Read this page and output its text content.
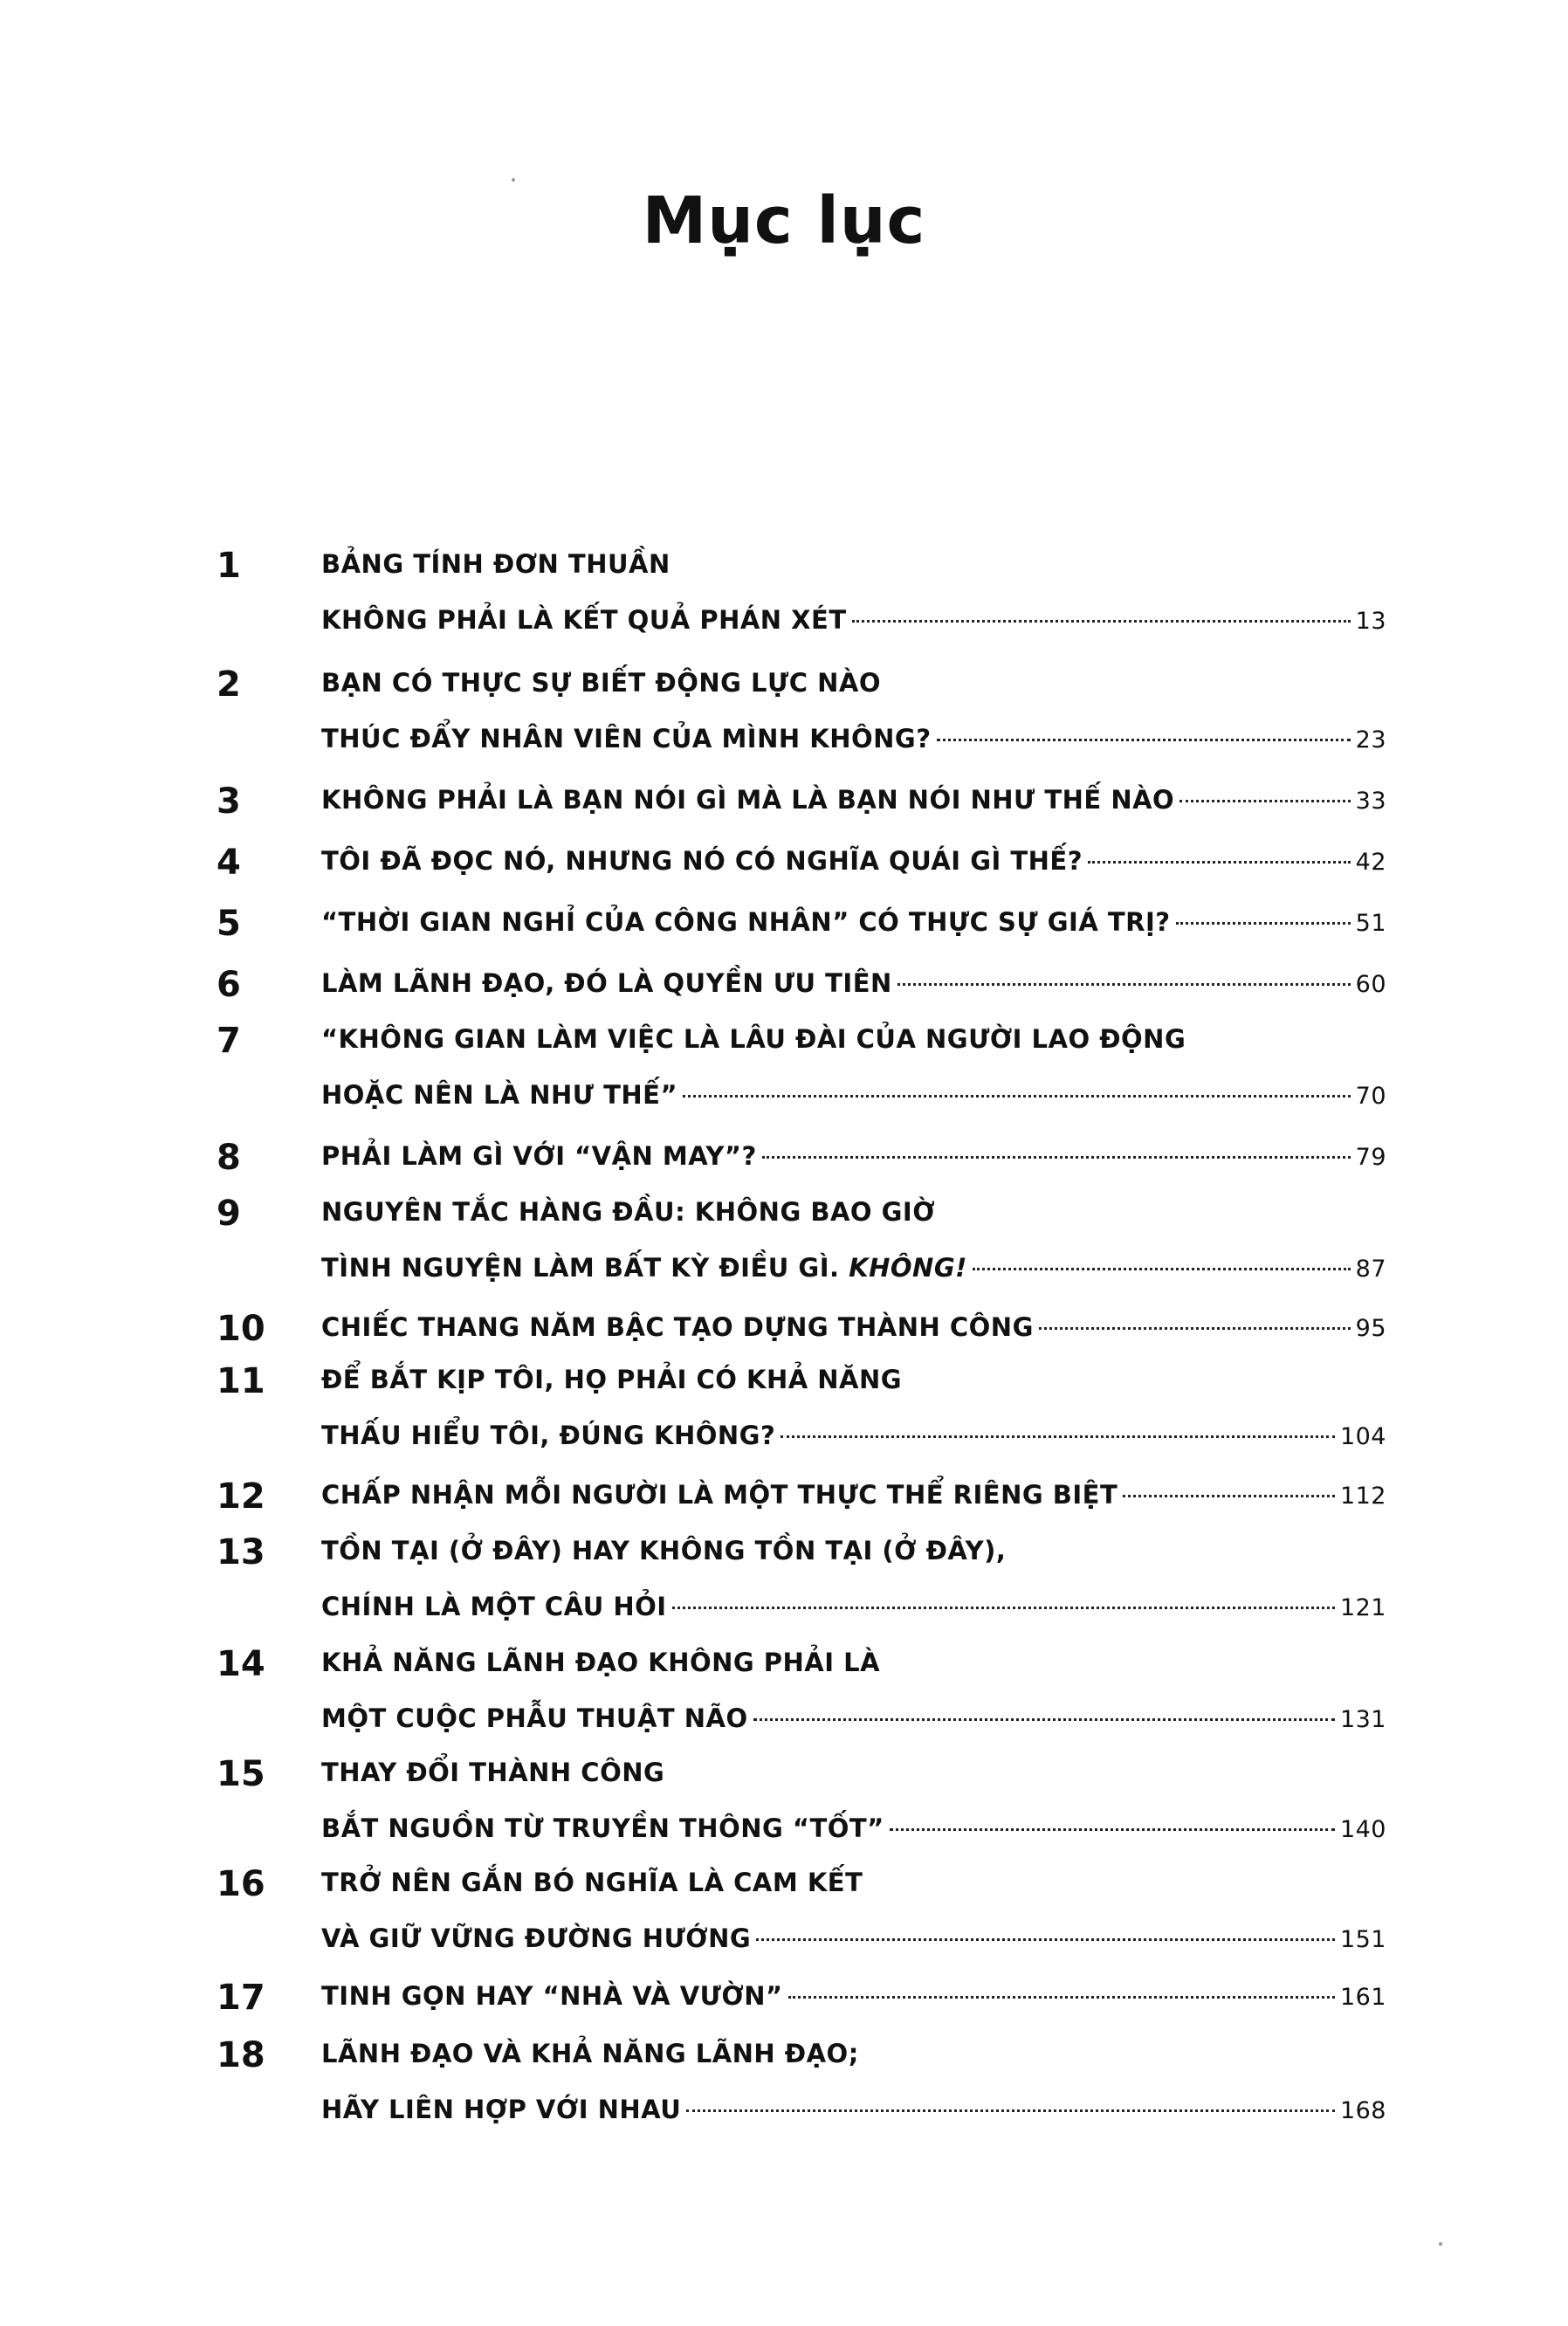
Mục lục
1	BẢNG TÍNH ĐƠN THUẦN
KHÔNG PHẢI LÀ KẾT QUẢ PHÁN XÉT	13
2	BẠN CÓ THỰC SỰ BIẾT ĐỘNG LỰC NÀO
THÚC ĐẨY NHÂN VIÊN CỦA MÌNH KHÔNG?	23
3	KHÔNG PHẢI LÀ BẠN NÓI GÌ MÀ LÀ BẠN NÓI NHƯ THẾ NÀO	33
4	TÔI ĐÃ ĐỌC NÓ, NHƯNG NÓ CÓ NGHĨA QUÁI GÌ THẾ?	42
5	“THỜI GIAN NGHỈ CỦA CÔNG NHÂN” CÓ THỰC SỰ GIÁ TRỊ?	51
6	LÀM LÃNH ĐẠO, ĐÓ LÀ QUYỀN ƯU TIÊN	60
7	“KHÔNG GIAN LÀM VIỆC LÀ LÂU ĐÀI CỦA NGƯỜI LAO ĐỘNG
HOẶC NÊN LÀ NHƯ THẾ”	70
8	PHẢI LÀM GÌ VỚI “VẬN MAY”?	79
9	NGUYÊN TẮC HÀNG ĐẦU: KHÔNG BAO GIỜ
TÌNH NGUYỆN LÀM BẤT KỲ ĐIỀU GÌ. KHÔNG!	87
10 CHIẾC THANG NĂM BẬC TẠO DỰNG THÀNH CÔNG	95
11 ĐỂ BẮT KỊP TÔI, HỌ PHẢI CÓ KHẢ NĂNG
THẤU HIỂU TÔI, ĐÚNG KHÔNG?	104
12 CHẤP NHẬN MỖI NGƯỜI LÀ MỘT THỰC THỂ RIÊNG BIỆT	112
13 TỒN TẠI (Ở ĐÂY) HAY KHÔNG TỒN TẠI (Ở ĐÂY),
CHÍNH LÀ MỘT CÂU HỎI	121
14 KHẢ NĂNG LÃNH ĐẠO KHÔNG PHẢI LÀ
MỘT CUỘC PHẪU THUẬT NÃO	131
15 THAY ĐỔI THÀNH CÔNG
BẮT NGUỒN TỪ TRUYỀN THÔNG “TỐT”	140
16 TRỞ NÊN GẮN BÓ NGHĨA LÀ CAM KẾT
VÀ GIỮ VỮNG ĐƯỜNG HƯỚNG	151
17 TINH GỌN HAY “NHÀ VÀ VƯỜN”	161
18 LÃNH ĐẠO VÀ KHẢ NĂNG LÃNH ĐẠO;
HÃY LIÊN HỢP VỚI NHAU	168
